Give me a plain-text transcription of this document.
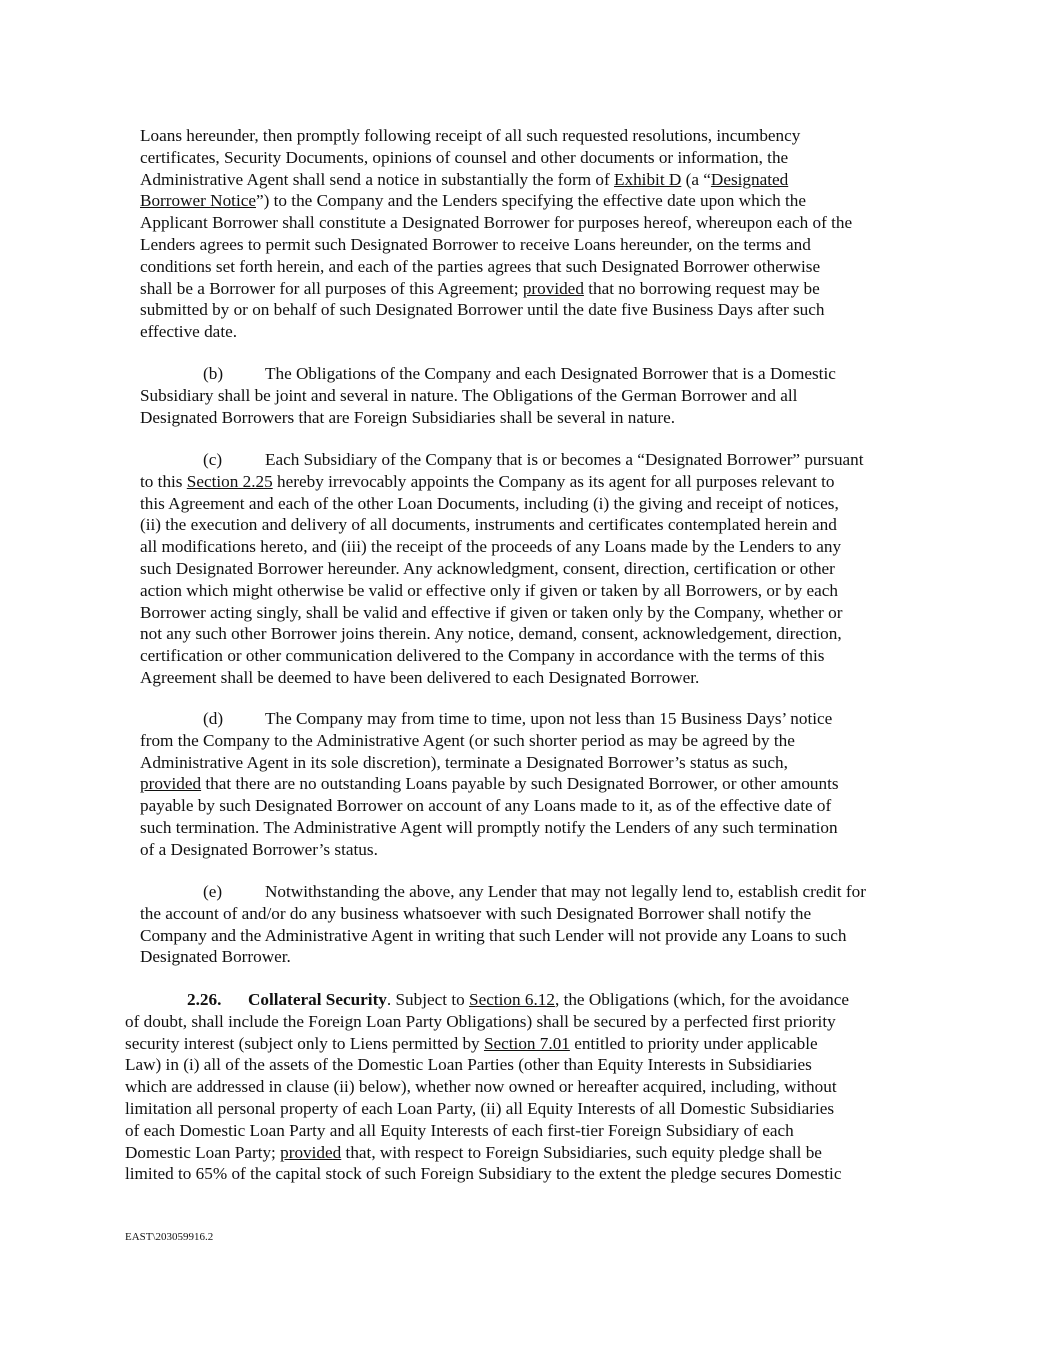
Loans hereunder, then promptly following receipt of all such requested resolutions, incumbency
certificates, Security Documents, opinions of counsel and other documents or information, the
Administrative Agent shall send a notice in substantially the form of Exhibit D (a “Designated
Borrower Notice”) to the Company and the Lenders specifying the effective date upon which the
Applicant Borrower shall constitute a Designated Borrower for purposes hereof, whereupon each of the
Lenders agrees to permit such Designated Borrower to receive Loans hereunder, on the terms and
conditions set forth herein, and each of the parties agrees that such Designated Borrower otherwise
shall be a Borrower for all purposes of this Agreement; provided that no borrowing request may be
submitted by or on behalf of such Designated Borrower until the date five Business Days after such
effective date.
(b) The Obligations of the Company and each Designated Borrower that is a Domestic
Subsidiary shall be joint and several in nature. The Obligations of the German Borrower and all
Designated Borrowers that are Foreign Subsidiaries shall be several in nature.
(c) Each Subsidiary of the Company that is or becomes a “Designated Borrower” pursuant
to this Section 2.25 hereby irrevocably appoints the Company as its agent for all purposes relevant to
this Agreement and each of the other Loan Documents, including (i) the giving and receipt of notices,
(ii) the execution and delivery of all documents, instruments and certificates contemplated herein and
all modifications hereto, and (iii) the receipt of the proceeds of any Loans made by the Lenders to any
such Designated Borrower hereunder. Any acknowledgment, consent, direction, certification or other
action which might otherwise be valid or effective only if given or taken by all Borrowers, or by each
Borrower acting singly, shall be valid and effective if given or taken only by the Company, whether or
not any such other Borrower joins therein. Any notice, demand, consent, acknowledgement, direction,
certification or other communication delivered to the Company in accordance with the terms of this
Agreement shall be deemed to have been delivered to each Designated Borrower.
(d) The Company may from time to time, upon not less than 15 Business Days’ notice
from the Company to the Administrative Agent (or such shorter period as may be agreed by the
Administrative Agent in its sole discretion), terminate a Designated Borrower’s status as such,
provided that there are no outstanding Loans payable by such Designated Borrower, or other amounts
payable by such Designated Borrower on account of any Loans made to it, as of the effective date of
such termination. The Administrative Agent will promptly notify the Lenders of any such termination
of a Designated Borrower’s status.
(e) Notwithstanding the above, any Lender that may not legally lend to, establish credit for
the account of and/or do any business whatsoever with such Designated Borrower shall notify the
Company and the Administrative Agent in writing that such Lender will not provide any Loans to such
Designated Borrower.
2.26. Collateral Security. Subject to Section 6.12, the Obligations (which, for the avoidance
of doubt, shall include the Foreign Loan Party Obligations) shall be secured by a perfected first priority
security interest (subject only to Liens permitted by Section 7.01 entitled to priority under applicable
Law) in (i) all of the assets of the Domestic Loan Parties (other than Equity Interests in Subsidiaries
which are addressed in clause (ii) below), whether now owned or hereafter acquired, including, without
limitation all personal property of each Loan Party, (ii) all Equity Interests of all Domestic Subsidiaries
of each Domestic Loan Party and all Equity Interests of each first-tier Foreign Subsidiary of each
Domestic Loan Party; provided that, with respect to Foreign Subsidiaries, such equity pledge shall be
limited to 65% of the capital stock of such Foreign Subsidiary to the extent the pledge secures Domestic
EAST\203059916.2
